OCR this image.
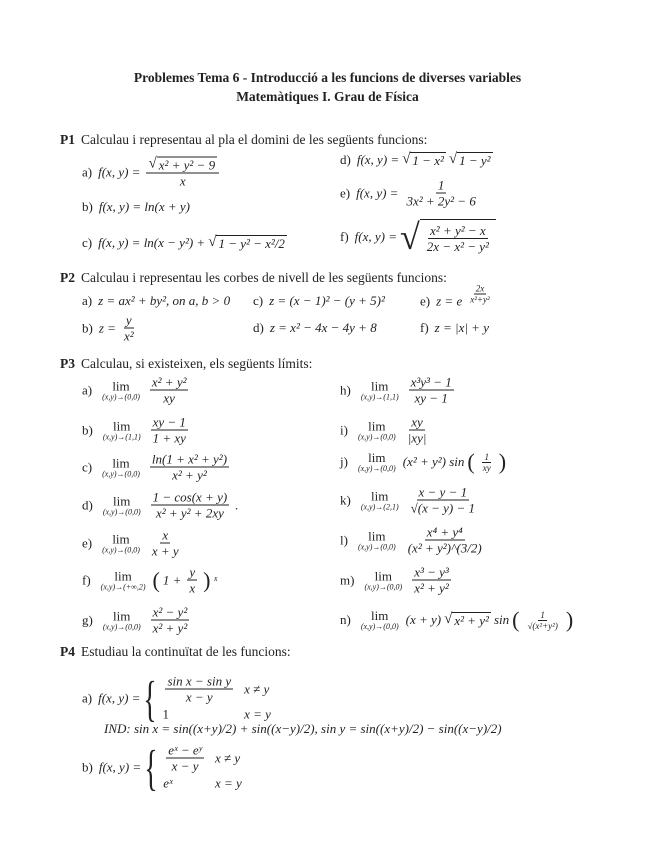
Problemes Tema 6 - Introducció a les funcions de diverses variables
Matemàtiques I. Grau de Física
P1 Calculau i representau al pla el domini de les següents funcions:
P2 Calculau i representau les corbes de nivell de les següents funcions:
P3 Calculau, si existeixen, els següents límits:
P4 Estudiau la continuïtat de les funcions:
a) f(x, y) = { $\frac{\text{sin x − sin y}}{x - y}$	x ≠ y
1	x = y
IND: sin x = sin((x+y)/2) + sin((x−y)/2), sin y = sin((x+y)/2) − sin((x−y)/2)
b) f(x, y) = { $\frac{\text{eˣ − eʸ}}{x - y}$	x ≠ y
eˣ	x = y
a) f(x, $y) = \frac{\text{√ x² + y² − 9}}{x}$
b) f(x, y) = ln(x + y)
c) f(x, y) = ln(x − y²) + √ 1 − y² − x²/2
d) f(x, y) = √ 1 − x² √ 1 − y²
e) f(x, $y) = \frac{1}{\text{3x² + 2y² − 6}}$
f) f(x, y) = √ $\frac{\text{x² + y² − x}}{\text{2x − x² − y²}}$
a) z = ax² + by², on a, b > 0
b) $z = \frac{y}{\text{x²}}$
c) z = (x − 1)² − (y + 5)²
d) z = x² − 4x − 4y + 8
e) z = e $\frac{2x}{\text{x²+y²}}$
f) z = |x| + y
a) lim
$(x,y)\to(0,0) \frac{\text{x² + y²}}{xy}$
b) lim
$(x,y)\to(1,1) \frac{xy - 1}{1 + xy}$
c) lim
$(x,y)\to(0,0) \frac{\text{ln(1 + x² + y²)}}{\text{x² + y²}}$
d) lim
$(x,y)\to(0,0) \frac{1 - \cos(x + y)}{\text{x² + y² + 2xy}}$ .
e) lim
$(x,y)\to(0,0) \frac{x}{x + y}$
f) lim
(x,y)→(+∞,2) ( $1 + \frac{y}{x}$ ) ˣ
g) lim
$(x,y)\to(0,0) \frac{\text{x² − y²}}{\text{x² + y²}}$
h) lim
$(x,y)\to(1,1) \frac{\text{x³y³ − 1}}{xy - 1}$
i) lim
$(x,y)\to(0,0) \frac{xy}{|xy|}$
j) lim
(x,y)→(0,0) (x² + y²) sin ( $\frac{1}{xy}$ )
k) lim
$(x,y)\to(2,1) \frac{x - y - 1}{√(x - y) - 1}$
l) lim
$(x,y)\to(0,0) \frac{\text{x⁴ + y⁴}}{\text{(x² + y²)\textasciicircum{}(3/2)}}$
m) lim
$(x,y)\to(0,0) \frac{\text{x³ − y³}}{\text{x² + y²}}$
n) lim
(x,y)→(0,0) (x + y) √ x² + y² sin ( $\frac{1}{\text{√(x²+y²)}}$ )
